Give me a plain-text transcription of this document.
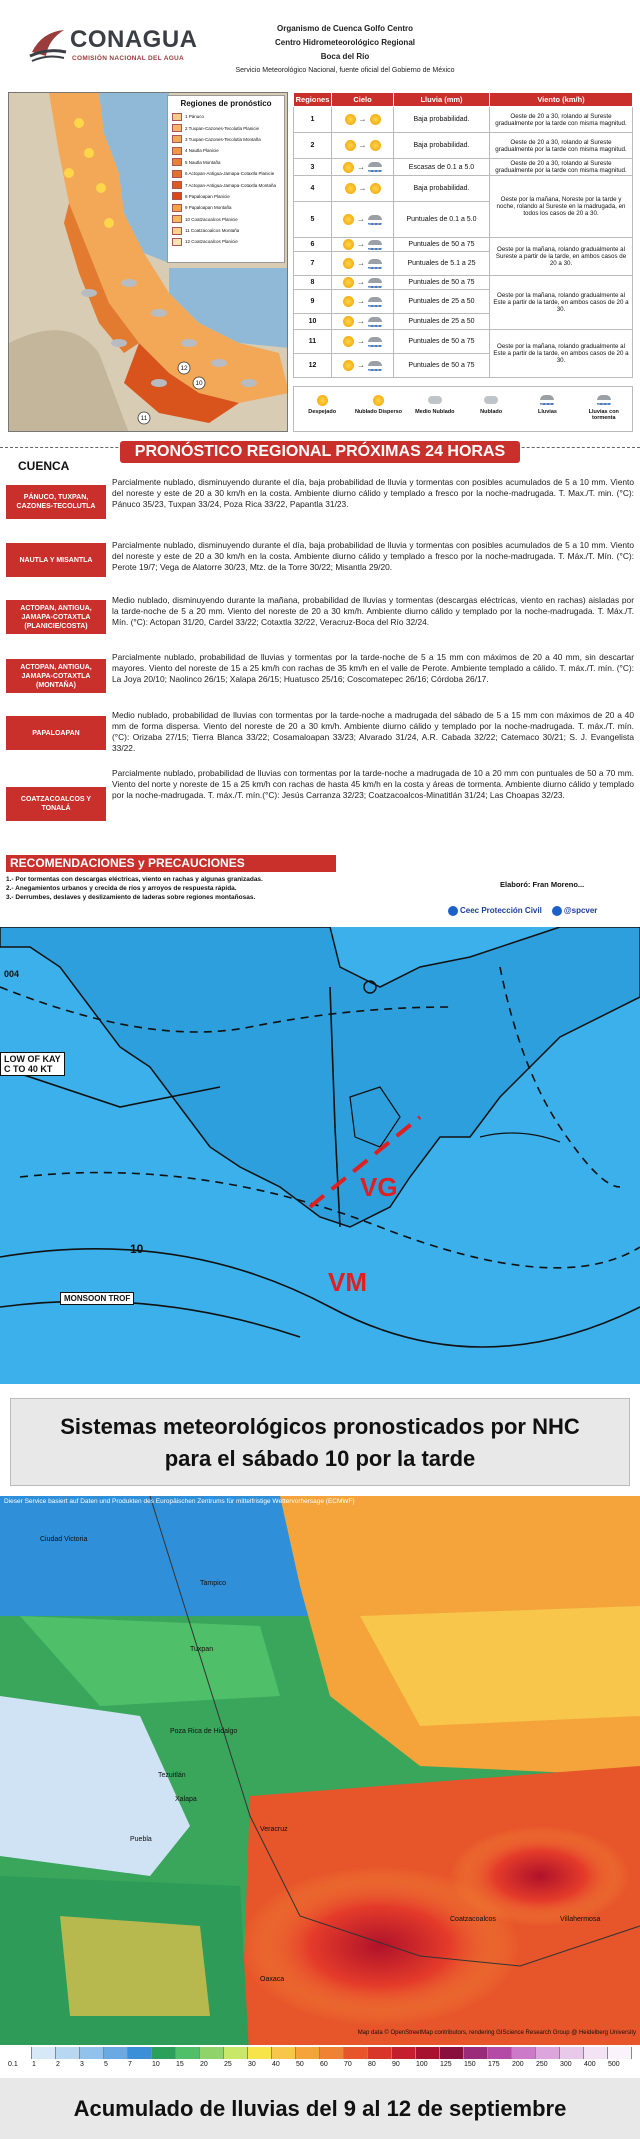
CONAGUA
COMISIÓN NACIONAL DEL AGUA
Organismo de Cuenca Golfo Centro
Centro Hidrometeorológico Regional
Boca del Río
Servicio Meteorológico Nacional, fuente oficial del Gobierno de México
12
10
11
Regiones de pronóstico
1 Pánuco
2 Tuxpan-Cazones-Tecolutla Planicie
3 Tuxpan-Cazones-Tecolutla Montaña
4 Nautla Planicie
5 Nautla Montaña
6 Actopan-Antigua-Jamapa-Cotaxtla Planicie
7 Actopan-Antigua-Jamapa-Cotaxtla Montaña
8 Papaloapan Planicie
9 Papaloapan Montaña
10 Coatzacoalcos Planicie
11 Coatzacoalcos Montaña
12 Coatzacoalcos Planicie
Regiones	Cielo	Lluvia (mm)	Viento (km/h)
1	→	Baja probabilidad.	Oeste de 20 a 30, rolando al Sureste gradualmente por la tarde con misma magnitud.
2	→	Baja probabilidad.	Oeste de 20 a 30, rolando al Sureste gradualmente por la tarde con misma magnitud.
3	→	Escasas de 0.1 a 5.0	Oeste de 20 a 30, rolando al Sureste gradualmente por la tarde con misma magnitud.
4	→	Baja probabilidad.	Oeste por la mañana, Noreste por la tarde y noche, rolando al Sureste en la madrugada, en todos los casos de 20 a 30.
5	→	Puntuales de 0.1 a 5.0	
6	→	Puntuales de 50 a 75	Oeste por la mañana, rolando gradualmente al Sureste a partir de la tarde, en ambos casos de 20 a 30.
7	→	Puntuales de 5.1 a 25	
8	→	Puntuales de 50 a 75	Oeste por la mañana, rolando gradualmente al Este a partir de la tarde, en ambos casos de 20 a 30.
9	→	Puntuales de 25 a 50	
10	→	Puntuales de 25 a 50	
11	→	Puntuales de 50 a 75	Oeste por la mañana, rolando gradualmente al Este a partir de la tarde, en ambos casos de 20 a 30.
12	→	Puntuales de 50 a 75	
Despejado	Nublado Disperso	Medio Nublado	Nublado	Lluvias	Lluvias con tormenta
PRONÓSTICO REGIONAL PRÓXIMAS 24 HORAS
CUENCA
PÁNUCO, TUXPAN, CAZONES-TECOLUTLA
Parcialmente nublado, disminuyendo durante el día, baja probabilidad de lluvia y tormentas con posibles acumulados de 5 a 10 mm. Viento del noreste y este de 20 a 30 km/h en la costa. Ambiente diurno cálido y templado a fresco por la noche-madrugada. T. Max./T. min. (°C): Pánuco 35/23, Tuxpan 33/24, Poza Rica 33/22, Papantla 31/23.
NAUTLA Y MISANTLA
Parcialmente nublado, disminuyendo durante el día, baja probabilidad de lluvia y tormentas con posibles acumulados de 5 a 10 mm. Viento del noreste y este de 20 a 30 km/h en la costa. Ambiente diurno cálido y templado a fresco por la noche-madrugada. T. Máx./T. Mín. (°C): Perote 19/7; Vega de Alatorre 30/23, Mtz. de la Torre 30/22; Misantla 29/20.
ACTOPAN, ANTIGUA, JAMAPA-COTAXTLA (PLANICIE/COSTA)
Medio nublado, disminuyendo durante la mañana, probabilidad de lluvias y tormentas (descargas eléctricas, viento en rachas) aisladas por la tarde-noche de 5 a 20 mm. Viento del noreste de 20 a 30 km/h. Ambiente diurno cálido y templado por la noche-madrugada. T. Máx./T. Mín. (°C): Actopan 31/20, Cardel 33/22; Cotaxtla 32/22, Veracruz-Boca del Río 32/24.
ACTOPAN, ANTIGUA, JAMAPA-COTAXTLA (MONTAÑA)
Parcialmente nublado, probabilidad de lluvias y tormentas por la tarde-noche de 5 a 15 mm con máximos de 20 a 40 mm, sin descartar mayores. Viento del noreste de 15 a 25 km/h con rachas de 35 km/h en el valle de Perote. Ambiente templado a cálido. T. máx./T. mín. (°C): La Joya 20/10; Naolinco 26/15; Xalapa 26/15; Huatusco 25/16; Coscomatepec 26/16; Córdoba 26/17.
PAPALOAPAN
Medio nublado, probabilidad de lluvias con tormentas por la tarde-noche a madrugada del sábado de 5 a 15 mm con máximos de 20 a 40 mm de forma dispersa. Viento del noreste de 20 a 30 km/h. Ambiente diurno cálido y templado por la noche-madrugada. T. máx./T. mín. (°C): Orizaba 27/15; Tierra Blanca 33/22; Cosamaloapan 33/23; Alvarado 31/24, A.R. Cabada 32/22; Catemaco 30/21; S. J. Evangelista 33/22.
COATZACOALCOS Y TONALÁ
Parcialmente nublado, probabilidad de lluvias con tormentas por la tarde-noche a madrugada de 10 a 20 mm con puntuales de 50 a 70 mm. Viento del norte y noreste de 15 a 25 km/h con rachas de hasta 45 km/h en la costa y áreas de tormenta. Ambiente diurno cálido y templado por la noche-madrugada. T. máx./T. mín.(°C): Jesús Carranza 32/23; Coatzacoalcos-Minatitlán 31/24; Las Choapas 32/23.
RECOMENDACIONES y PRECAUCIONES
1.- Por tormentas con descargas eléctricas, viento en rachas y algunas granizadas.
2.- Anegamientos urbanos y crecida de ríos y arroyos de respuesta rápida.
3.- Derrumbes, deslaves y deslizamiento de laderas sobre regiones montañosas.
Elaboró: Fran Moreno...
Ceec Protección Civil	@spcver
VG
VM
LOW OF KAY
C TO 40 KT
004
10
MONSOON TROF
Sistemas meteorológicos pronosticados por NHC
para el sábado 10 por la tarde
Dieser Service basiert auf Daten und Produkten des Europäischen Zentrums für mittelfristige Wettervorhersage (ECMWF)
Map data © OpenStreetMap contributors, rendering GIScience Research Group @ Heidelberg University
Ciudad Victoria
Tampico
Tuxpan
Poza Rica de Hidalgo
Tezuitlán
Xalapa
Veracruz
Puebla
Oaxaca
Coatzacoalcos	Villahermosa
0.1	1	2	3	5	7	10	15	20	25	30	40	50	60	70	80	90	100	125	150	175	200	250	300	400	500
Acumulado de lluvias del 9 al 12 de septiembre
